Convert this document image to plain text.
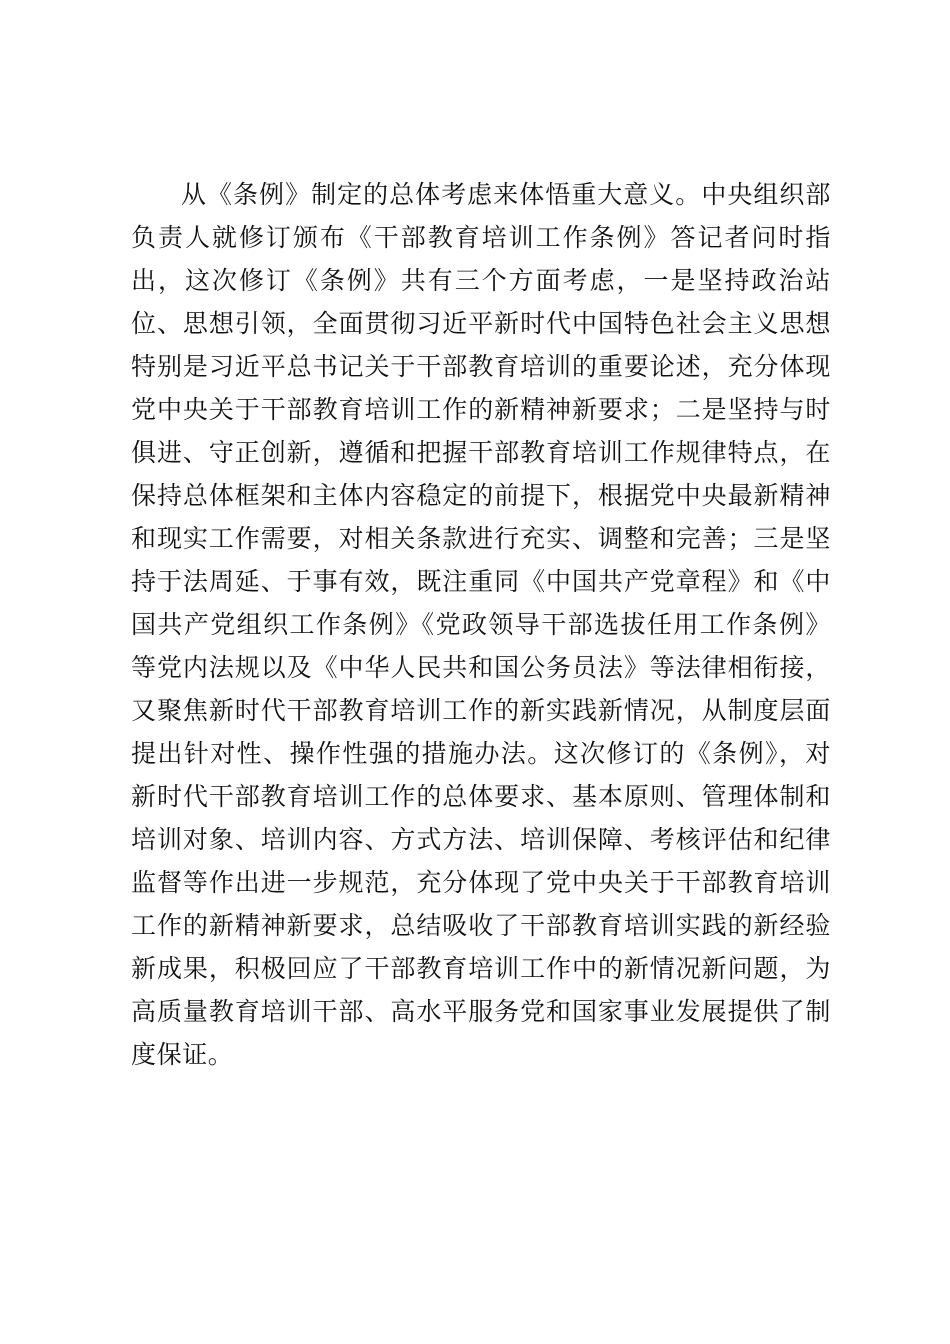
从《条例》制定的总体考虑来体悟重大意义。中央组织部负责人就修订颁布《干部教育培训工作条例》答记者问时指出，这次修订《条例》共有三个方面考虑，一是坚持政治站位、思想引领，全面贯彻习近平新时代中国特色社会主义思想特别是习近平总书记关于干部教育培训的重要论述，充分体现党中央关于干部教育培训工作的新精神新要求；二是坚持与时俱进、守正创新，遵循和把握干部教育培训工作规律特点，在保持总体框架和主体内容稳定的前提下，根据党中央最新精神和现实工作需要，对相关条款进行充实、调整和完善；三是坚持于法周延、于事有效，既注重同《中国共产党章程》和《中国共产党组织工作条例》《党政领导干部选拔任用工作条例》等党内法规以及《中华人民共和国公务员法》等法律相衔接，又聚焦新时代干部教育培训工作的新实践新情况，从制度层面提出针对性、操作性强的措施办法。这次修订的《条例》，对新时代干部教育培训工作的总体要求、基本原则、管理体制和培训对象、培训内容、方式方法、培训保障、考核评估和纪律监督等作出进一步规范，充分体现了党中央关于干部教育培训工作的新精神新要求，总结吸收了干部教育培训实践的新经验新成果，积极回应了干部教育培训工作中的新情况新问题，为高质量教育培训干部、高水平服务党和国家事业发展提供了制度保证。
